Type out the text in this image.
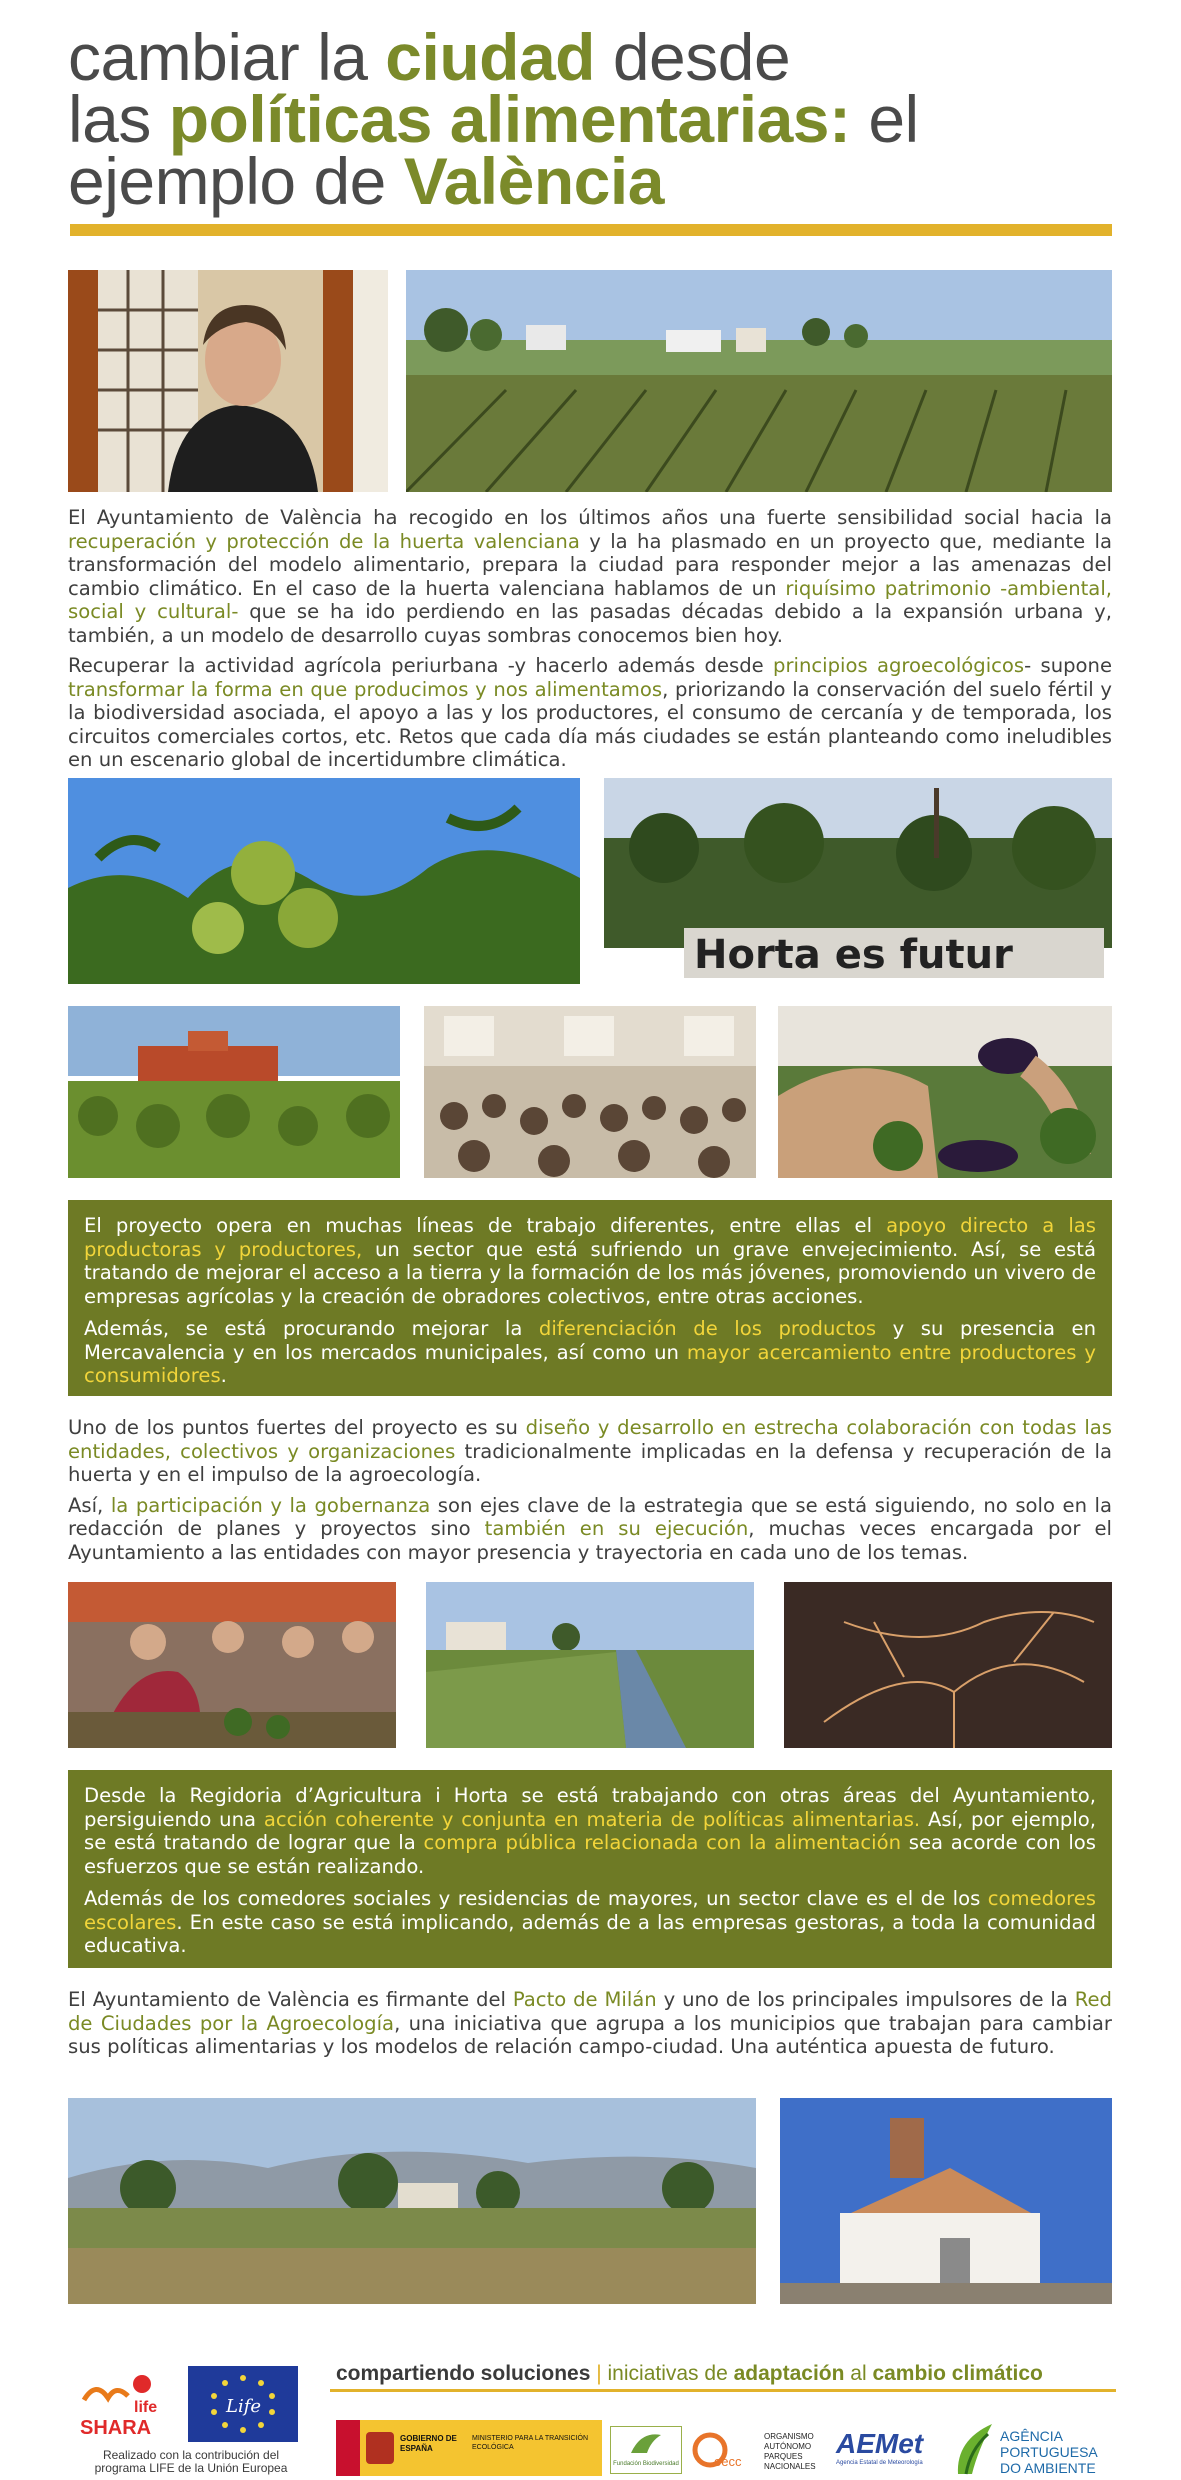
cambiar la ciudad desde
las políticas alimentarias: el
ejemplo de València

El Ayuntamiento de València ha recogido en los últimos años una fuerte sensibilidad social hacia la recuperación y protección de la huerta valenciana y la ha plasmado en un proyecto que, mediante la transformación del modelo alimentario, prepara la ciudad para responder mejor a las amenazas del cambio climático. En el caso de la huerta valenciana hablamos de un riquísimo patrimonio -ambiental, social y cultural- que se ha ido perdiendo en las pasadas décadas debido a la expansión urbana y, también, a un modelo de desarrollo cuyas sombras conocemos bien hoy.

Recuperar la actividad agrícola periurbana -y hacerlo además desde principios agroecológicos- supone transformar la forma en que producimos y nos alimentamos, priorizando la conservación del suelo fértil y la biodiversidad asociada, el apoyo a las y los productores, el consumo de cercanía y de temporada, los circuitos comerciales cortos, etc. Retos que cada día más ciudades se están planteando como ineludibles en un escenario global de incertidumbre climática.

Horta es futur

El proyecto opera en muchas líneas de trabajo diferentes, entre ellas el apoyo directo a las productoras y productores, un sector que está sufriendo un grave envejecimiento. Así, se está tratando de mejorar el acceso a la tierra y la formación de los más jóvenes, promoviendo un vivero de empresas agrícolas y la creación de obradores colectivos, entre otras acciones.

Además, se está procurando mejorar la diferenciación de los productos y su presencia en Mercavalencia y en los mercados municipales, así como un mayor acercamiento entre productores y consumidores.

Uno de los puntos fuertes del proyecto es su diseño y desarrollo en estrecha colaboración con todas las entidades, colectivos y organizaciones tradicionalmente implicadas en la defensa y recuperación de la huerta y en el impulso de la agroecología.

Así, la participación y la gobernanza son ejes clave de la estrategia que se está siguiendo, no solo en la redacción de planes y proyectos sino también en su ejecución, muchas veces encargada por el Ayuntamiento a las entidades con mayor presencia y trayectoria en cada uno de los temas.

Desde la Regidoria d’Agricultura i Horta se está trabajando con otras áreas del Ayuntamiento, persiguiendo una acción coherente y conjunta en materia de políticas alimentarias. Así, por ejemplo, se está tratando de lograr que la compra pública relacionada con la alimentación sea acorde con los esfuerzos que se están realizando.

Además de los comedores sociales y residencias de mayores, un sector clave es el de los comedores escolares. En este caso se está implicando, además de a las empresas gestoras, a toda la comunidad educativa.

El Ayuntamiento de València es firmante del Pacto de Milán y uno de los principales impulsores de la Red de Ciudades por la Agroecología, una iniciativa que agrupa a los municipios que trabajan para cambiar sus políticas alimentarias y los modelos de relación campo-ciudad. Una auténtica apuesta de futuro.

compartiendo soluciones | iniciativas de adaptación al cambio climático
life
SHARA
Life
Realizado con la contribución del programa LIFE de la Unión Europea
GOBIERNO DE ESPAÑA
MINISTERIO PARA LA TRANSICIÓN ECOLÓGICA
Fundación Biodiversidad	oecc
ORGANISMO AUTÓNOMO PARQUES NACIONALES
AEMet
Agencia Estatal de Meteorología
AGÊNCIA PORTUGUESA DO AMBIENTE
